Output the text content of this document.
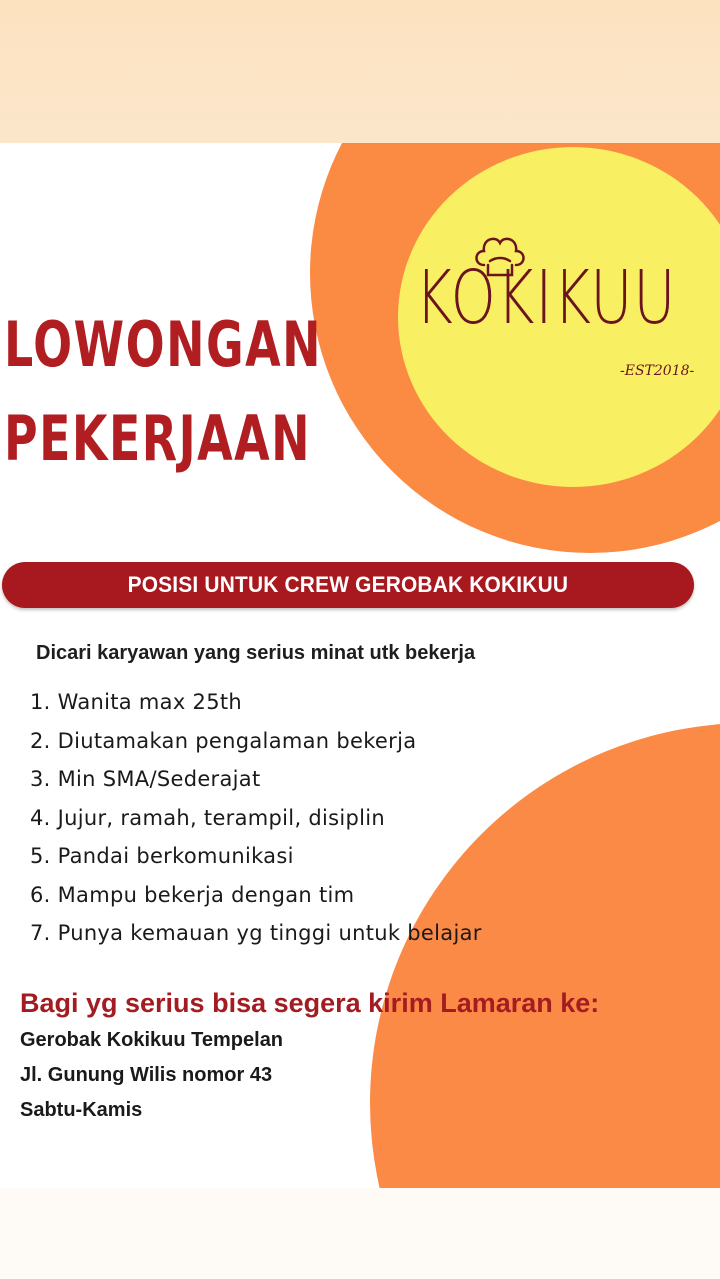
KOKIKUU
-EST2018-
LOWONGAN
PEKERJAAN
POSISI UNTUK CREW GEROBAK KOKIKUU
Dicari karyawan yang serius minat utk bekerja
1. Wanita max 25th
2. Diutamakan pengalaman bekerja
3. Min SMA/Sederajat
4. Jujur, ramah, terampil, disiplin
5. Pandai berkomunikasi
6. Mampu bekerja dengan tim
7. Punya kemauan yg tinggi untuk belajar
Bagi yg serius bisa segera kirim Lamaran ke:
Gerobak Kokikuu Tempelan
Jl. Gunung Wilis nomor 43
Sabtu-Kamis
